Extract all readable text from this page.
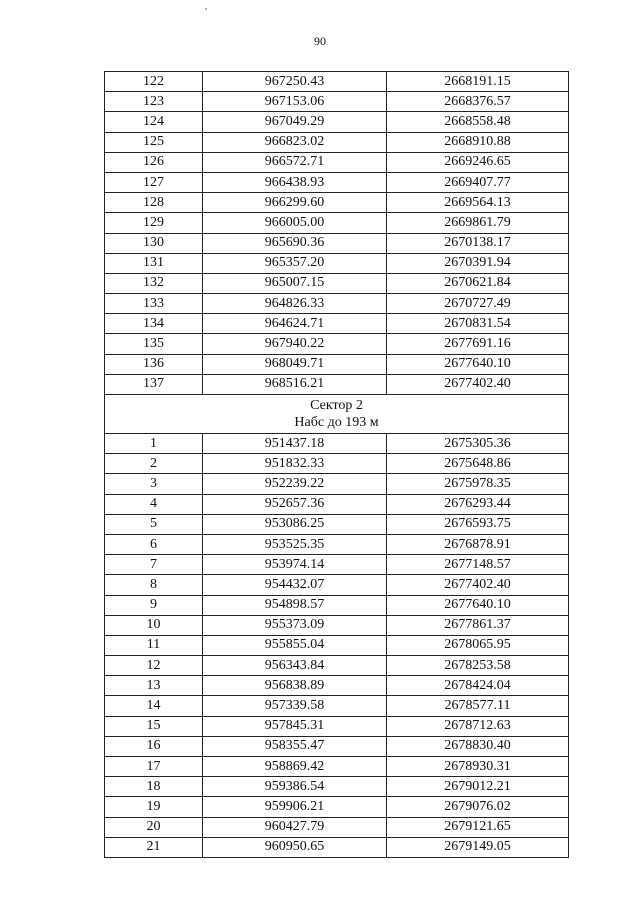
90
122	967250.43	2668191.15
123	967153.06	2668376.57
124	967049.29	2668558.48
125	966823.02	2668910.88
126	966572.71	2669246.65
127	966438.93	2669407.77
128	966299.60	2669564.13
129	966005.00	2669861.79
130	965690.36	2670138.17
131	965357.20	2670391.94
132	965007.15	2670621.84
133	964826.33	2670727.49
134	964624.71	2670831.54
135	967940.22	2677691.16
136	968049.71	2677640.10
137	968516.21	2677402.40

Сектор 2
Набс до 193 м		

1	951437.18	2675305.36
2	951832.33	2675648.86
3	952239.22	2675978.35
4	952657.36	2676293.44
5	953086.25	2676593.75
6	953525.35	2676878.91
7	953974.14	2677148.57
8	954432.07	2677402.40
9	954898.57	2677640.10
10	955373.09	2677861.37
11	955855.04	2678065.95
12	956343.84	2678253.58
13	956838.89	2678424.04
14	957339.58	2678577.11
15	957845.31	2678712.63
16	958355.47	2678830.40
17	958869.42	2678930.31
18	959386.54	2679012.21
19	959906.21	2679076.02
20	960427.79	2679121.65
21	960950.65	2679149.05
